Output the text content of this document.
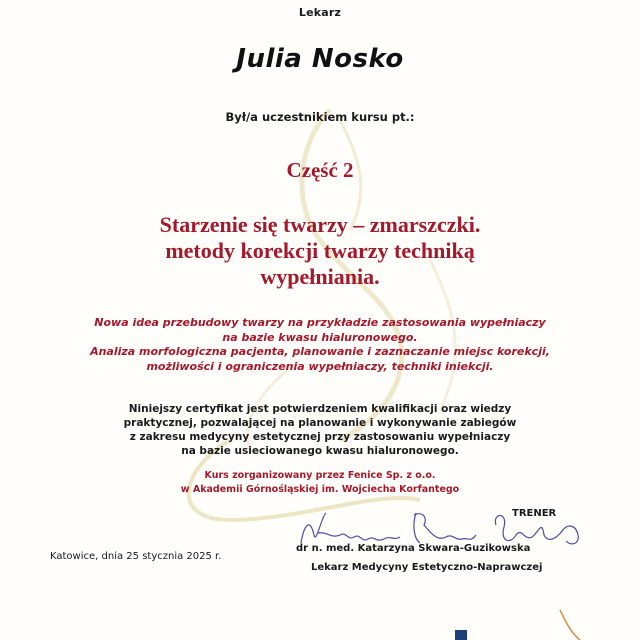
Lekarz
Julia Nosko
Był/a uczestnikiem kursu pt.:
Część 2
Starzenie się twarzy – zmarszczki.
metody korekcji twarzy techniką
wypełniania.
Nowa idea przebudowy twarzy na przykładzie zastosowania wypełniaczy
na bazie kwasu hialuronowego.
Analiza morfologiczna pacjenta, planowanie i zaznaczanie miejsc korekcji,
możliwości i ograniczenia wypełniaczy, techniki iniekcji.
Niniejszy certyfikat jest potwierdzeniem kwalifikacji oraz wiedzy
praktycznej, pozwalającej na planowanie i wykonywanie zabiegów
z zakresu medycyny estetycznej przy zastosowaniu wypełniaczy
na bazie usieciowanego kwasu hialuronowego.
Kurs zorganizowany przez Fenice Sp. z o.o.
w Akademii Górnośląskiej im. Wojciecha Korfantego
TRENER
dr n. med. Katarzyna Skwara-Guzikowska
Lekarz Medycyny Estetyczno-Naprawczej
Katowice, dnia 25 stycznia 2025 r.
